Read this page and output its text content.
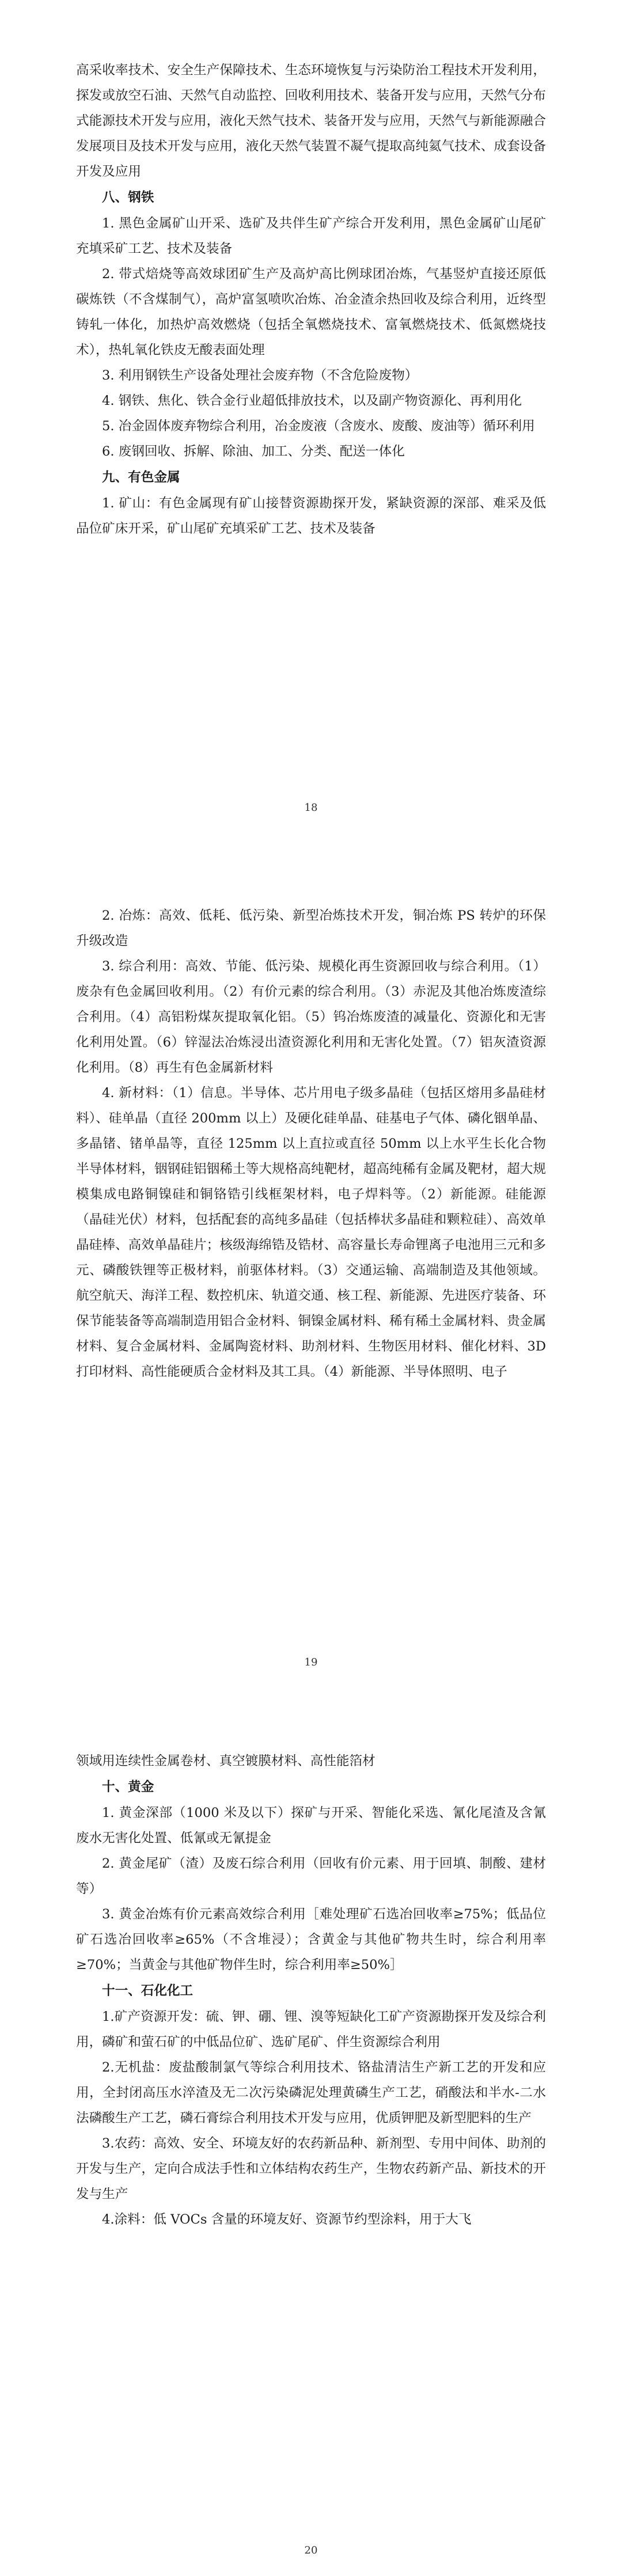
高采收率技术、安全生产保障技术、生态环境恢复与污染防治工程技术开发利用，探发或放空石油、天然气自动监控、回收利用技术、装备开发与应用，天然气分布式能源技术开发与应用，液化天然气技术、装备开发与应用，天然气与新能源融合发展项目及技术开发与应用，液化天然气装置不凝气提取高纯氦气技术、成套设备开发及应用

八、钢铁

1. 黑色金属矿山开采、选矿及共伴生矿产综合开发利用，黑色金属矿山尾矿充填采矿工艺、技术及装备

2. 带式焙烧等高效球团矿生产及高炉高比例球团冶炼，气基竖炉直接还原低碳炼铁（不含煤制气），高炉富氢喷吹冶炼、冶金渣余热回收及综合利用，近终型铸轧一体化，加热炉高效燃烧（包括全氧燃烧技术、富氧燃烧技术、低氮燃烧技术），热轧氧化铁皮无酸表面处理

3. 利用钢铁生产设备处理社会废弃物（不含危险废物）

4. 钢铁、焦化、铁合金行业超低排放技术，以及副产物资源化、再利用化

5. 冶金固体废弃物综合利用，冶金废液（含废水、废酸、废油等）循环利用

6. 废钢回收、拆解、除油、加工、分类、配送一体化

九、有色金属

1. 矿山：有色金属现有矿山接替资源勘探开发，紧缺资源的深部、难采及低品位矿床开采，矿山尾矿充填采矿工艺、技术及装备

18

2. 冶炼：高效、低耗、低污染、新型冶炼技术开发，铜冶炼 PS 转炉的环保升级改造

3. 综合利用：高效、节能、低污染、规模化再生资源回收与综合利用。（1）废杂有色金属回收利用。（2）有价元素的综合利用。（3）赤泥及其他冶炼废渣综合利用。（4）高铝粉煤灰提取氧化铝。（5）钨冶炼废渣的减量化、资源化和无害化利用处置。（6）锌湿法冶炼浸出渣资源化利用和无害化处置。（7）铝灰渣资源化利用。（8）再生有色金属新材料

4. 新材料：（1）信息。半导体、芯片用电子级多晶硅（包括区熔用多晶硅材料）、硅单晶（直径 200mm 以上）及硬化硅单晶、硅基电子气体、磷化铟单晶、多晶锗、锗单晶等，直径 125mm 以上直拉或直径 50mm 以上水平生长化合物半导体材料，铟钢硅铝铟稀土等大规格高纯靶材，超高纯稀有金属及靶材，超大规模集成电路铜镍硅和铜铬锆引线框架材料，电子焊料等。（2）新能源。硅能源（晶硅光伏）材料，包括配套的高纯多晶硅（包括棒状多晶硅和颗粒硅）、高效单晶硅棒、高效单晶硅片；核级海绵锆及锆材、高容量长寿命锂离子电池用三元和多元、磷酸铁锂等正极材料，前驱体材料。（3）交通运输、高端制造及其他领域。航空航天、海洋工程、数控机床、轨道交通、核工程、新能源、先进医疗装备、环保节能装备等高端制造用铝合金材料、铜镍金属材料、稀有稀土金属材料、贵金属材料、复合金属材料、金属陶瓷材料、助剂材料、生物医用材料、催化材料、3D 打印材料、高性能硬质合金材料及其工具。（4）新能源、半导体照明、电子

19

领域用连续性金属卷材、真空镀膜材料、高性能箔材

十、黄金

1. 黄金深部（1000 米及以下）探矿与开采、智能化采选、氰化尾渣及含氰废水无害化处置、低氰或无氰提金

2. 黄金尾矿（渣）及废石综合利用（回收有价元素、用于回填、制酸、建材等）

3. 黄金冶炼有价元素高效综合利用［难处理矿石选冶回收率≥75%；低品位矿石选冶回收率≥65%（不含堆浸）；含黄金与其他矿物共生时，综合利用率≥70%；当黄金与其他矿物伴生时，综合利用率≥50%］

十一、石化化工

1.矿产资源开发：硫、钾、硼、锂、溴等短缺化工矿产资源勘探开发及综合利用，磷矿和萤石矿的中低品位矿、选矿尾矿、伴生资源综合利用

2.无机盐：废盐酸制氯气等综合利用技术、铬盐清洁生产新工艺的开发和应用，全封闭高压水淬渣及无二次污染磷泥处理黄磷生产工艺，硝酸法和半水-二水法磷酸生产工艺，磷石膏综合利用技术开发与应用，优质钾肥及新型肥料的生产

3.农药：高效、安全、环境友好的农药新品种、新剂型、专用中间体、助剂的开发与生产，定向合成法手性和立体结构农药生产，生物农药新产品、新技术的开发与生产

4.涂料：低 VOCs 含量的环境友好、资源节约型涂料，用于大飞

20
